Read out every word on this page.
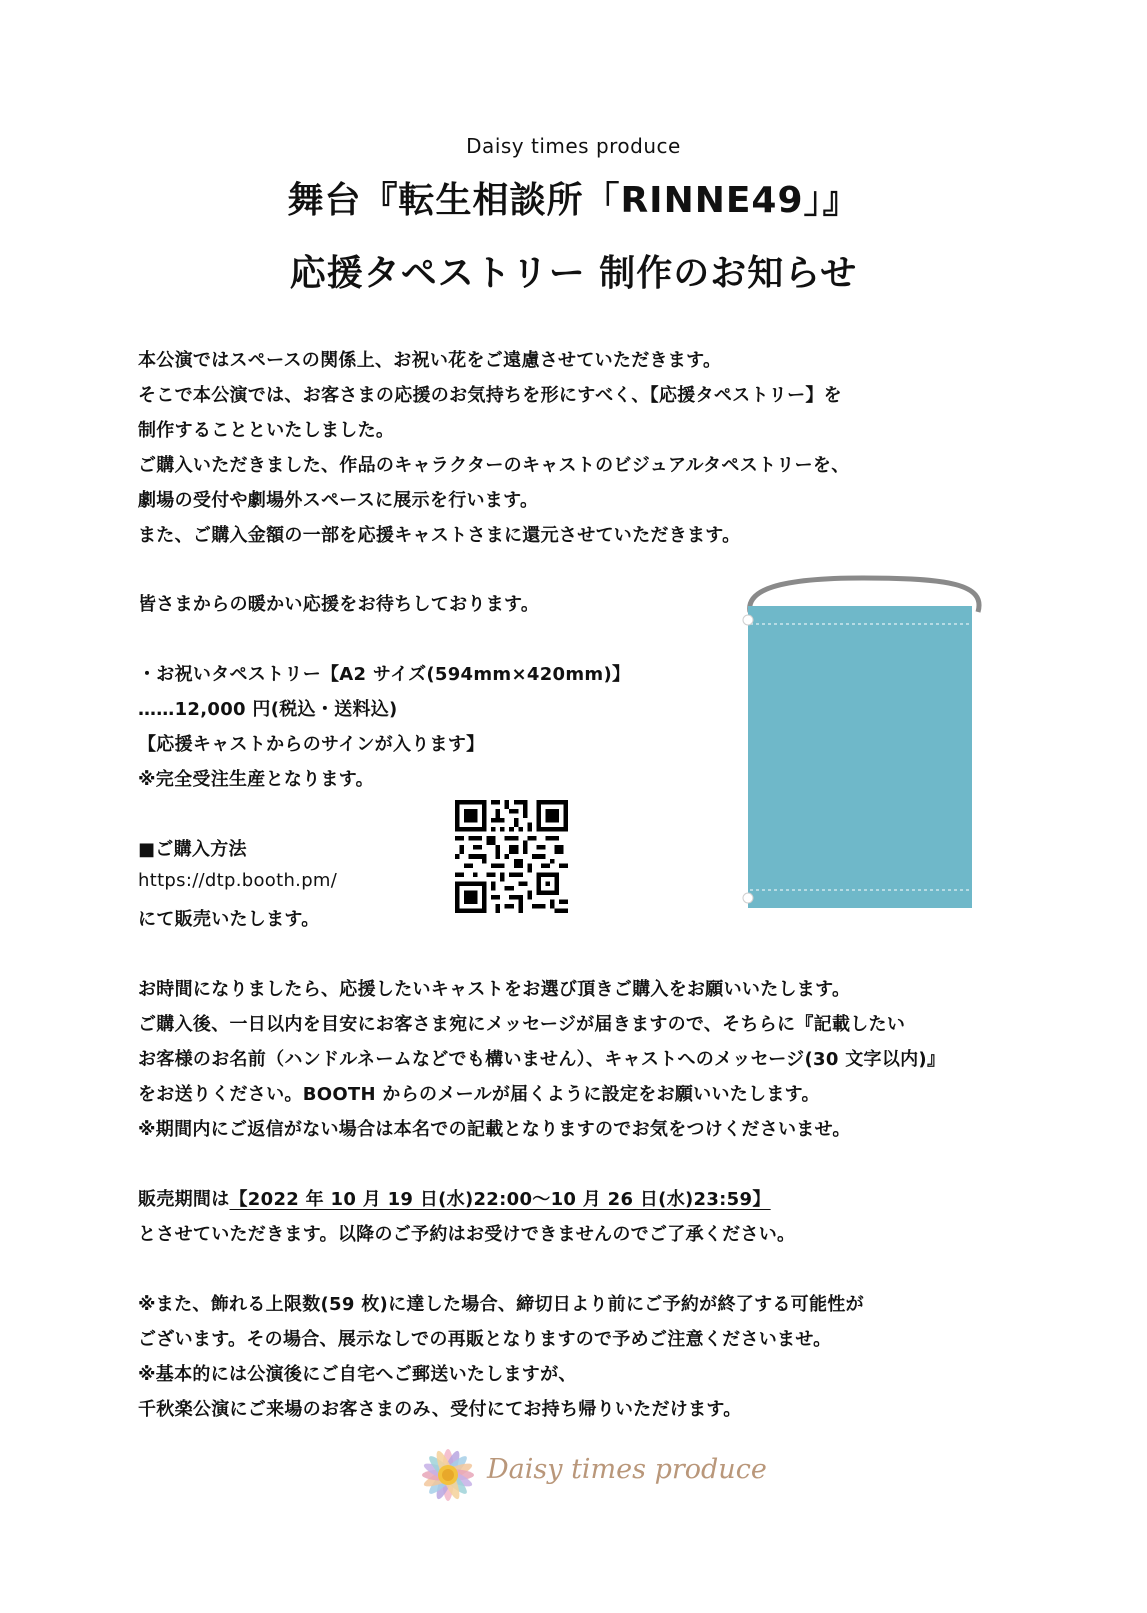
Daisy times produce
舞台『転生相談所「RINNE49」』
応援タペストリー 制作のお知らせ
本公演ではスペースの関係上、お祝い花をご遠慮させていただきます。
そこで本公演では、お客さまの応援のお気持ちを形にすべく、【応援タペストリー】を
制作することといたしました。
ご購入いただきました、作品のキャラクターのキャストのビジュアルタペストリーを、
劇場の受付や劇場外スペースに展示を行います。
また、ご購入金額の一部を応援キャストさまに還元させていただきます。
皆さまからの暖かい応援をお待ちしております。
・お祝いタペストリー【A2 サイズ(594mm×420mm)】
……12,000 円(税込・送料込)
【応援キャストからのサインが入ります】
※完全受注生産となります。
■ご購入方法
https://dtp.booth.pm/
にて販売いたします。
お時間になりましたら、応援したいキャストをお選び頂きご購入をお願いいたします。
ご購入後、一日以内を目安にお客さま宛にメッセージが届きますので、そちらに『記載したい
お客様のお名前（ハンドルネームなどでも構いません）、キャストへのメッセージ(30 文字以内)』
をお送りください。BOOTH からのメールが届くように設定をお願いいたします。
※期間内にご返信がない場合は本名での記載となりますのでお気をつけくださいませ。
販売期間は【2022 年 10 月 19 日(水)22:00～10 月 26 日(水)23:59】
とさせていただきます。以降のご予約はお受けできませんのでご了承ください。
※また、飾れる上限数(59 枚)に達した場合、締切日より前にご予約が終了する可能性が
ございます。その場合、展示なしでの再販となりますので予めご注意くださいませ。
※基本的には公演後にご自宅へご郵送いたしますが、
千秋楽公演にご来場のお客さまのみ、受付にてお持ち帰りいただけます。
Daisy times produce
